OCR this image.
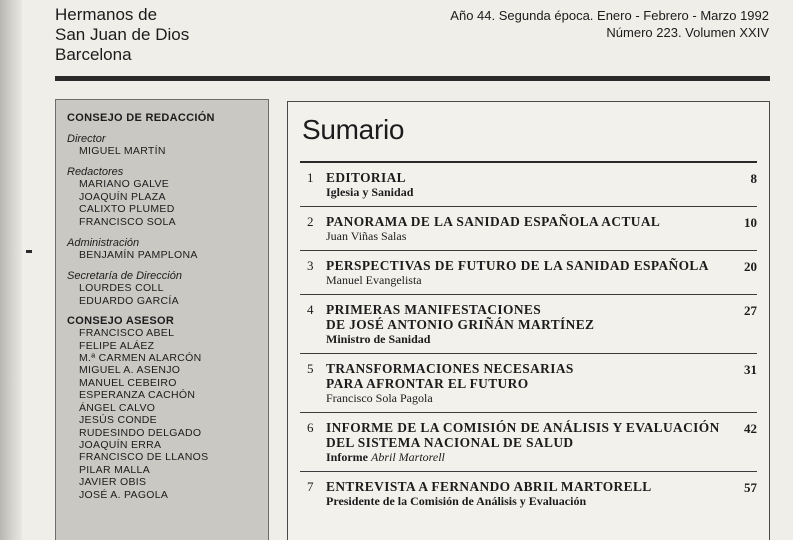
Hermanos de
San Juan de Dios
Barcelona
Año 44. Segunda época. Enero - Febrero - Marzo 1992
Número 223. Volumen XXIV
CONSEJO DE REDACCIÓN
Director
MIGUEL MARTÍN
Redactores
MARIANO GALVE
JOAQUÍN PLAZA
CALIXTO PLUMED
FRANCISCO SOLA
Administración
BENJAMÍN PAMPLONA
Secretaría de Dirección
LOURDES COLL
EDUARDO GARCÍA
CONSEJO ASESOR
FRANCISCO ABEL
FELIPE ALÁEZ
M.ª CARMEN ALARCÓN
MIGUEL A. ASENJO
MANUEL CEBEIRO
ESPERANZA CACHÓN
ÁNGEL CALVO
JESÚS CONDE
RUDESINDO DELGADO
JOAQUÍN ERRA
FRANCISCO DE LLANOS
PILAR MALLA
JAVIER OBIS
JOSÉ A. PAGOLA
Sumario
1 EDITORIAL
Iglesia y Sanidad
8
2 PANORAMA DE LA SANIDAD ESPAÑOLA ACTUAL
Juan Viñas Salas
10
3 PERSPECTIVAS DE FUTURO DE LA SANIDAD ESPAÑOLA
Manuel Evangelista
20
4 PRIMERAS MANIFESTACIONES
DE JOSÉ ANTONIO GRIÑÁN MARTÍNEZ
Ministro de Sanidad
27
5 TRANSFORMACIONES NECESARIAS
PARA AFRONTAR EL FUTURO
Francisco Sola Pagola
31
6 INFORME DE LA COMISIÓN DE ANÁLISIS Y EVALUACIÓN
DEL SISTEMA NACIONAL DE SALUD
Informe Abril Martorell
42
7 ENTREVISTA A FERNANDO ABRIL MARTORELL
Presidente de la Comisión de Análisis y Evaluación
57
